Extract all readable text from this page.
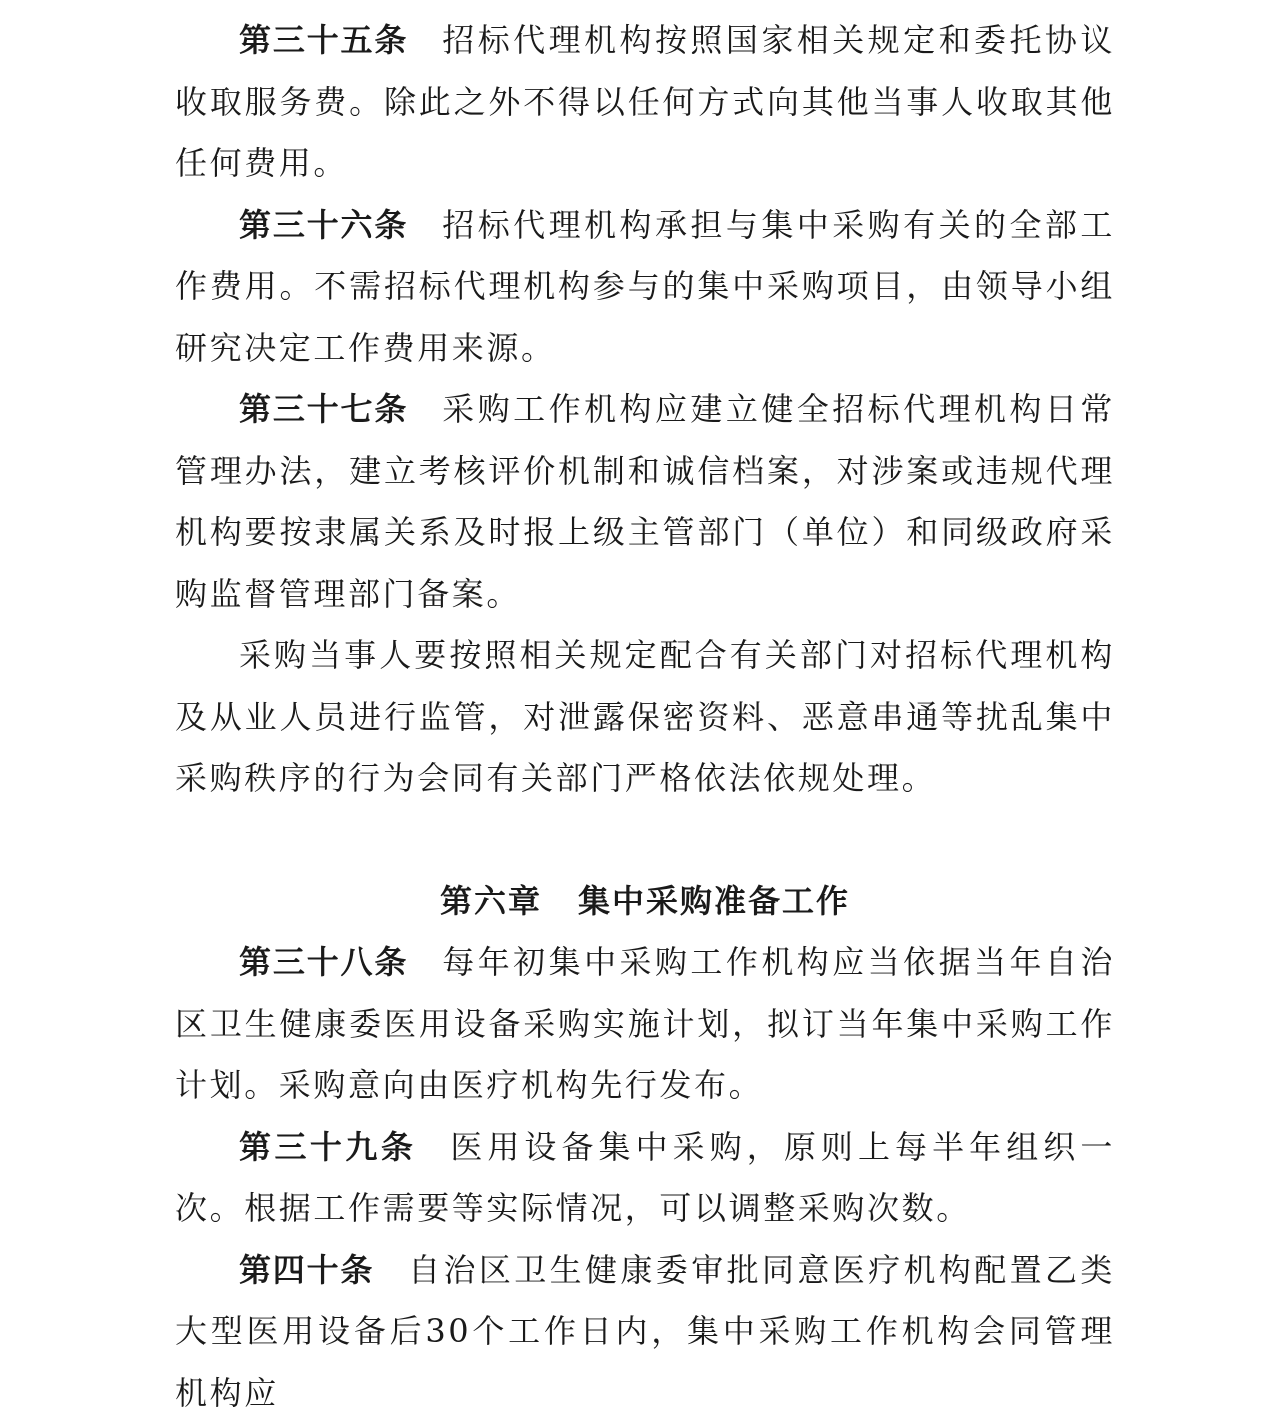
第三十五条 招标代理机构按照国家相关规定和委托协议收取服务费。除此之外不得以任何方式向其他当事人收取其他任何费用。

第三十六条 招标代理机构承担与集中采购有关的全部工作费用。不需招标代理机构参与的集中采购项目，由领导小组研究决定工作费用来源。

第三十七条 采购工作机构应建立健全招标代理机构日常管理办法，建立考核评价机制和诚信档案，对涉案或违规代理机构要按隶属关系及时报上级主管部门（单位）和同级政府采购监督管理部门备案。

采购当事人要按照相关规定配合有关部门对招标代理机构及从业人员进行监管，对泄露保密资料、恶意串通等扰乱集中采购秩序的行为会同有关部门严格依法依规处理。

第六章 集中采购准备工作

第三十八条 每年初集中采购工作机构应当依据当年自治区卫生健康委医用设备采购实施计划，拟订当年集中采购工作计划。采购意向由医疗机构先行发布。

第三十九条 医用设备集中采购，原则上每半年组织一次。根据工作需要等实际情况，可以调整采购次数。

第四十条 自治区卫生健康委审批同意医疗机构配置乙类大型医用设备后30个工作日内，集中采购工作机构会同管理机构应
